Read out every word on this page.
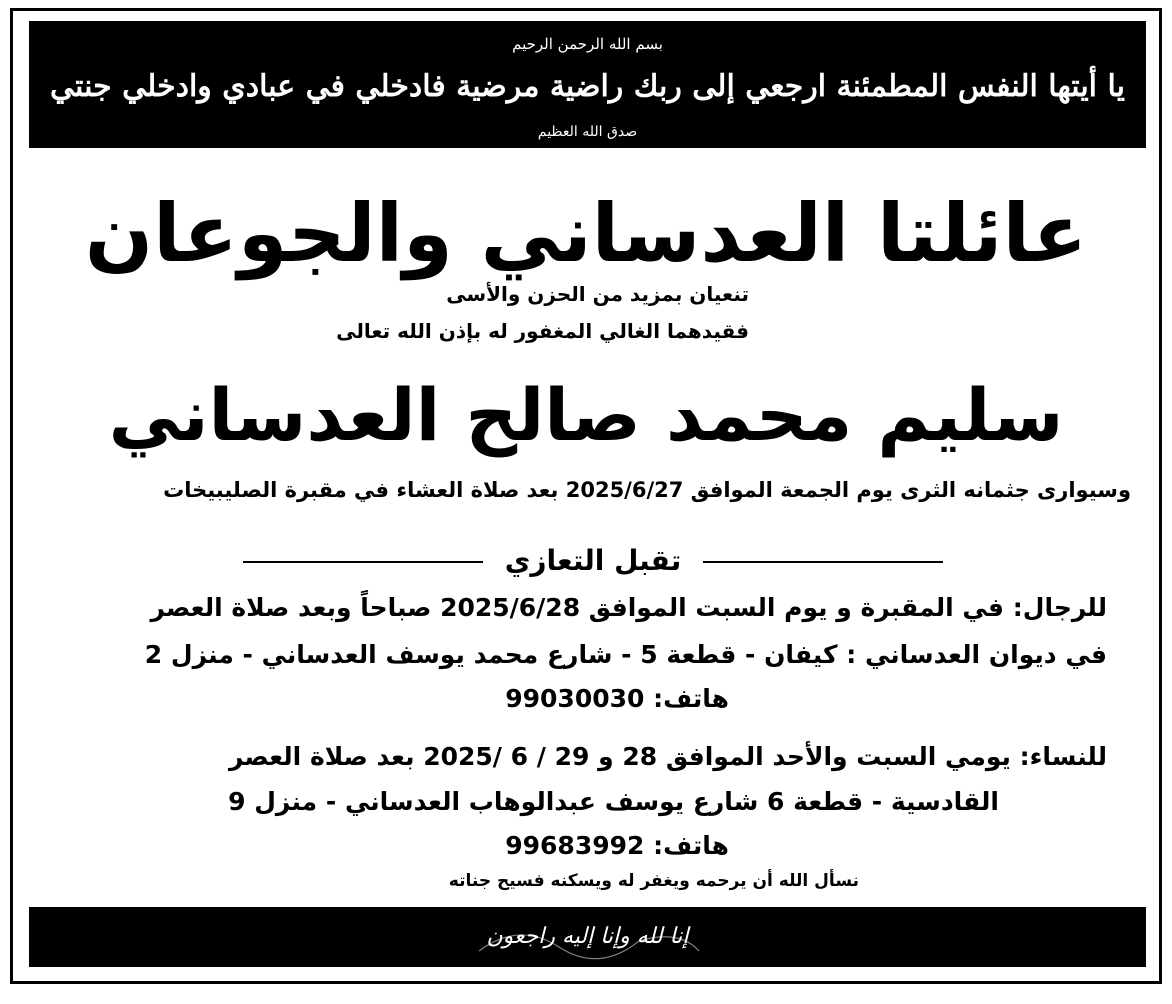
بسم الله الرحمن الرحيم
يا أيتها النفس المطمئنة ارجعي إلى ربك راضية مرضية فادخلي في عبادي وادخلي جنتي
صدق الله العظيم
عائلتا العدساني والجوعان
تنعيان بمزيد من الحزن والأسى
فقيدهما الغالي المغفور له بإذن الله تعالى
سليم محمد صالح العدساني
وسيوارى جثمانه الثرى يوم الجمعة الموافق 2025/6/27 بعد صلاة العشاء في مقبرة الصليبيخات
تقبل التعازي
للرجال: في المقبرة و يوم السبت الموافق 2025/6/28 صباحاً وبعد صلاة العصر
في ديوان العدساني : كيفان - قطعة 5 - شارع محمد يوسف العدساني - منزل 2
هاتف: 99030030
للنساء: يومي السبت والأحد الموافق 28 و 29 / 6 /2025 بعد صلاة العصر
القادسية - قطعة 6 شارع يوسف عبدالوهاب العدساني - منزل 9
هاتف: 99683992
نسأل الله أن يرحمه ويغفر له ويسكنه فسيح جناته
إنا لله وإنا إليه راجعون
